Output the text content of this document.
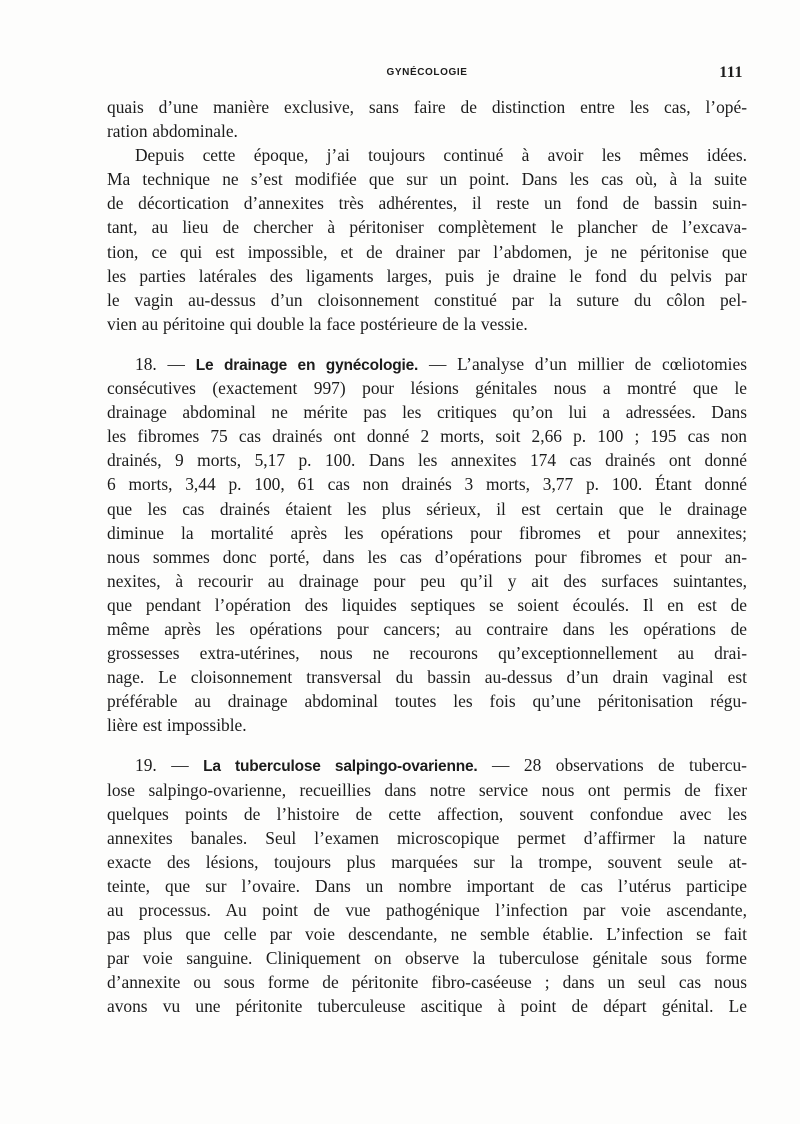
GYNÉCOLOGIE	111
quais d’une manière exclusive, sans faire de distinction entre les cas, l’opé-
ration abdominale.
Depuis cette époque, j’ai toujours continué à avoir les mêmes idées.
Ma technique ne s’est modifiée que sur un point. Dans les cas où, à la suite
de décortication d’annexites très adhérentes, il reste un fond de bassin suin-
tant, au lieu de chercher à péritoniser complètement le plancher de l’excava-
tion, ce qui est impossible, et de drainer par l’abdomen, je ne péritonise que
les parties latérales des ligaments larges, puis je draine le fond du pelvis par
le vagin au-dessus d’un cloisonnement constitué par la suture du côlon pel-
vien au péritoine qui double la face postérieure de la vessie.
18. — Le drainage en gynécologie. — L’analyse d’un millier de cœliotomies
consécutives (exactement 997) pour lésions génitales nous a montré que le
drainage abdominal ne mérite pas les critiques qu’on lui a adressées. Dans
les fibromes 75 cas drainés ont donné 2 morts, soit 2,66 p. 100 ; 195 cas non
drainés, 9 morts, 5,17 p. 100. Dans les annexites 174 cas drainés ont donné
6 morts, 3,44 p. 100, 61 cas non drainés 3 morts, 3,77 p. 100. Étant donné
que les cas drainés étaient les plus sérieux, il est certain que le drainage
diminue la mortalité après les opérations pour fibromes et pour annexites;
nous sommes donc porté, dans les cas d’opérations pour fibromes et pour an-
nexites, à recourir au drainage pour peu qu’il y ait des surfaces suintantes,
que pendant l’opération des liquides septiques se soient écoulés. Il en est de
même après les opérations pour cancers; au contraire dans les opérations de
grossesses extra-utérines, nous ne recourons qu’exceptionnellement au drai-
nage. Le cloisonnement transversal du bassin au-dessus d’un drain vaginal est
préférable au drainage abdominal toutes les fois qu’une péritonisation régu-
lière est impossible.
19. — La tuberculose salpingo-ovarienne. — 28 observations de tubercu-
lose salpingo-ovarienne, recueillies dans notre service nous ont permis de fixer
quelques points de l’histoire de cette affection, souvent confondue avec les
annexites banales. Seul l’examen microscopique permet d’affirmer la nature
exacte des lésions, toujours plus marquées sur la trompe, souvent seule at-
teinte, que sur l’ovaire. Dans un nombre important de cas l’utérus participe
au processus. Au point de vue pathogénique l’infection par voie ascendante,
pas plus que celle par voie descendante, ne semble établie. L’infection se fait
par voie sanguine. Cliniquement on observe la tuberculose génitale sous forme
d’annexite ou sous forme de péritonite fibro-caséeuse ; dans un seul cas nous
avons vu une péritonite tuberculeuse ascitique à point de départ génital. Le
